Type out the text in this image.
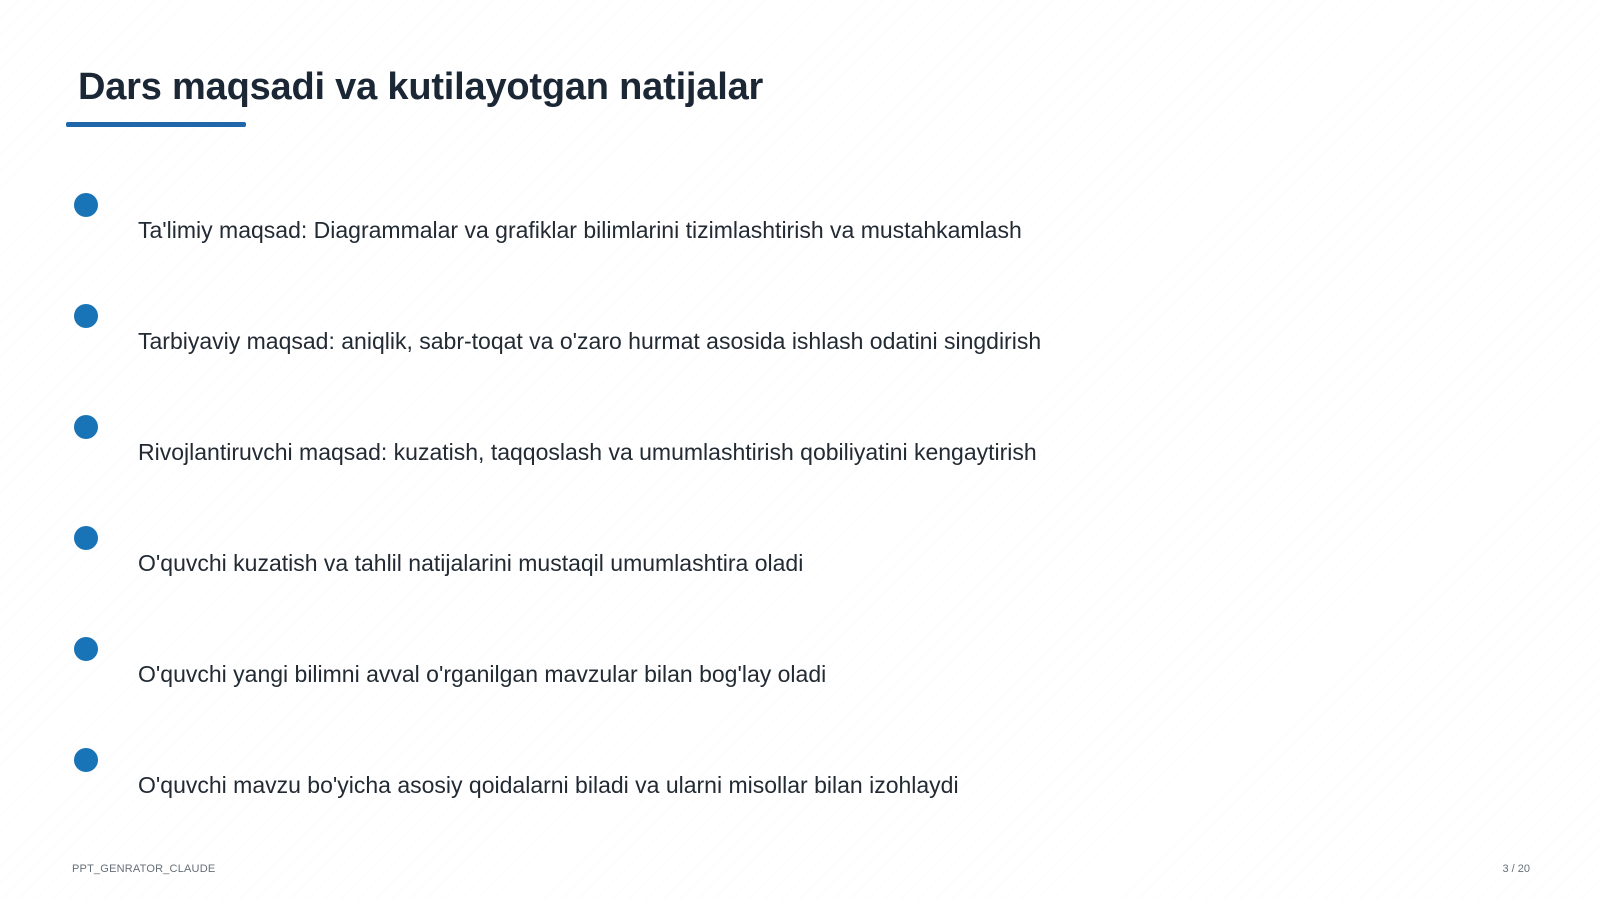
Dars maqsadi va kutilayotgan natijalar
Ta'limiy maqsad: Diagrammalar va grafiklar bilimlarini tizimlashtirish va mustahkamlash
Tarbiyaviy maqsad: aniqlik, sabr-toqat va o'zaro hurmat asosida ishlash odatini singdirish
Rivojlantiruvchi maqsad: kuzatish, taqqoslash va umumlashtirish qobiliyatini kengaytirish
O'quvchi kuzatish va tahlil natijalarini mustaqil umumlashtira oladi
O'quvchi yangi bilimni avval o'rganilgan mavzular bilan bog'lay oladi
O'quvchi mavzu bo'yicha asosiy qoidalarni biladi va ularni misollar bilan izohlaydi
PPT_GENRATOR_CLAUDE	3 / 20
